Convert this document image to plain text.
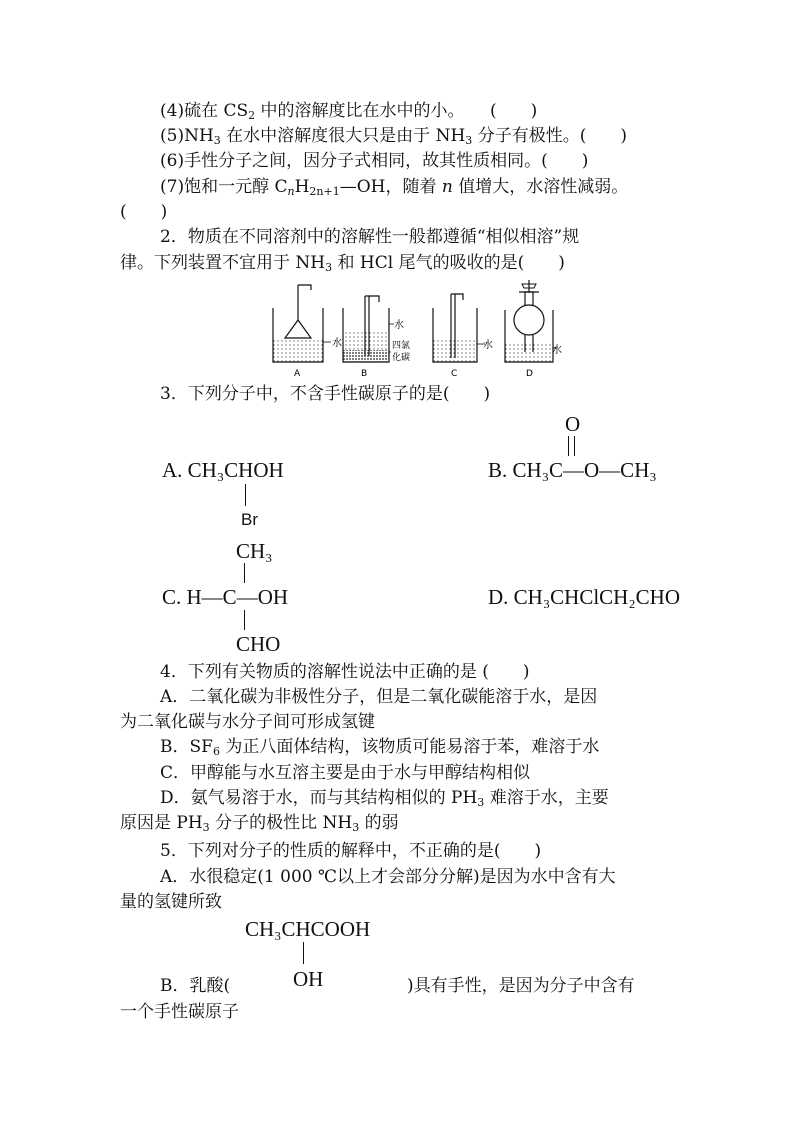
(4)硫在 $CS_2$ 中的溶解度比在水中的小。　　(　　)
$(5)NH_3$ 在水中溶解度很大只是由于 $NH_3$ 分子有极性。(　　)
(6)手性分子之间，因分子式相同，故其性质相同。(　　)
(7)饱和一元醇 $C_nH_{2n+1}—OH$，随着 n 值增大，水溶性减弱。
(　　)
2．物质在不同溶剂中的溶解性一般都遵循“相似相溶”规
律。下列装置不宜用于 $NH_3$ 和 HCl 尾气的吸收的是(　　)
水
A
水
四氯
化碳
B
水
C
水
D
3．下列分子中，不含手性碳原子的是(　　)
A. CH₃CHOH
Br
O
B. CH₃C—O—CH₃
CH₃
C. H—C—OH
CHO
D. CH₃CHClCH₂CHO
4．下列有关物质的溶解性说法中正确的是 (　　)
A．二氧化碳为非极性分子，但是二氧化碳能溶于水，是因
为二氧化碳与水分子间可形成氢键
B．$SF_6$ 为正八面体结构，该物质可能易溶于苯，难溶于水
C．甲醇能与水互溶主要是由于水与甲醇结构相似
D．氨气易溶于水，而与其结构相似的 $PH_3$ 难溶于水，主要
原因是 $PH_3$ 分子的极性比 $NH_3$ 的弱
5．下列对分子的性质的解释中，不正确的是(　　)
A．水很稳定(1 000 ℃以上才会部分分解)是因为水中含有大
量的氢键所致
CH₃CHCOOH
OH
B．乳酸(	)具有手性，是因为分子中含有
一个手性碳原子
